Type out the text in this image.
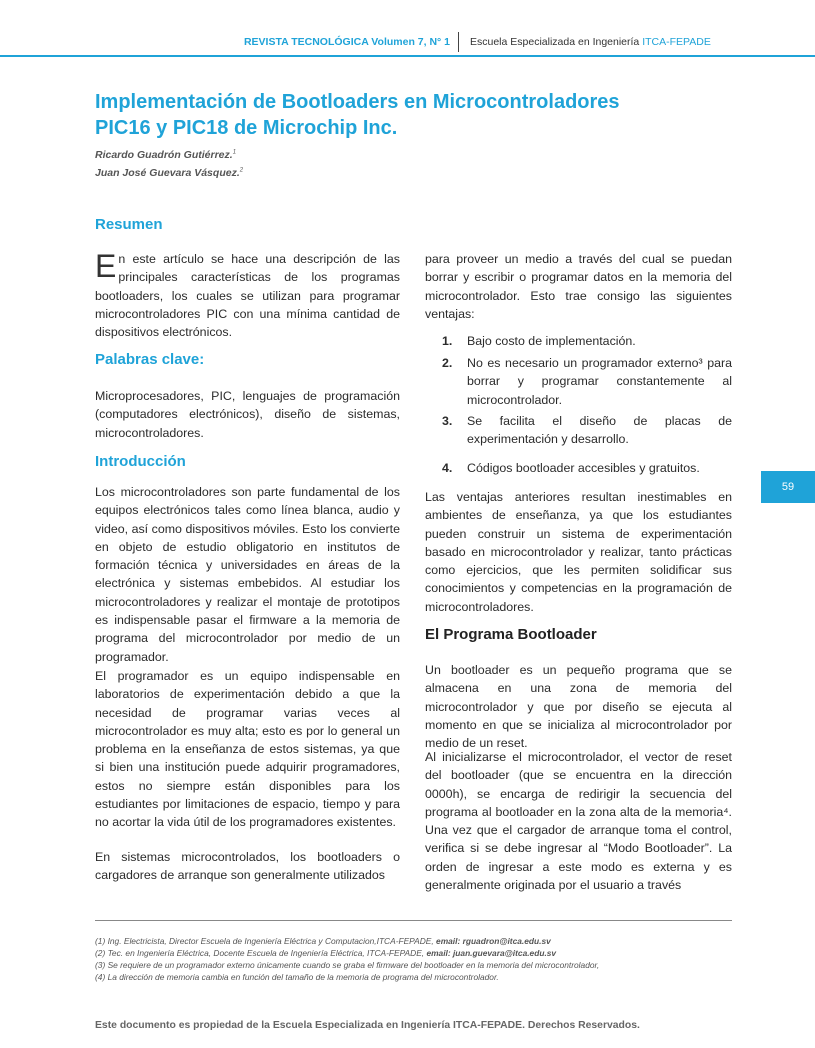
REVISTA TECNOLÓGICA Volumen 7, N° 1 Escuela Especializada en Ingeniería ITCA-FEPADE
Implementación de Bootloaders en Microcontroladores
PIC16 y PIC18 de Microchip Inc.
Ricardo Guadrón Gutiérrez.$^1$
Juan José Guevara Vásquez.$^2$
Resumen

En este artículo se hace una descripción de las principales características de los programas bootloaders, los cuales se utilizan para programar microcontroladores PIC con una mínima cantidad de dispositivos electrónicos.

Palabras clave:

Microprocesadores, PIC, lenguajes de programación (computadores electrónicos), diseño de sistemas, microcontroladores.

Introducción

Los microcontroladores son parte fundamental de los equipos electrónicos tales como línea blanca, audio y video, así como dispositivos móviles. Esto los convierte en objeto de estudio obligatorio en institutos de formación técnica y universidades en áreas de la electrónica y sistemas embebidos. Al estudiar los microcontroladores y realizar el montaje de prototipos es indispensable pasar el firmware a la memoria de programa del microcontrolador por medio de un programador.

El programador es un equipo indispensable en laboratorios de experimentación debido a que la necesidad de programar varias veces al microcontrolador es muy alta; esto es por lo general un problema en la enseñanza de estos sistemas, ya que si bien una institución puede adquirir programadores, estos no siempre están disponibles para los estudiantes por limitaciones de espacio, tiempo y para no acortar la vida útil de los programadores existentes.

En sistemas microcontrolados, los bootloaders o cargadores de arranque son generalmente utilizados

para proveer un medio a través del cual se puedan borrar y escribir o programar datos en la memoria del microcontrolador. Esto trae consigo las siguientes ventajas:

1. Bajo costo de implementación.
2. No es necesario un programador externo³ para borrar y programar constantemente al microcontrolador.
3. Se facilita el diseño de placas de experimentación y desarrollo.
4. Códigos bootloader accesibles y gratuitos.

Las ventajas anteriores resultan inestimables en ambientes de enseñanza, ya que los estudiantes pueden construir un sistema de experimentación basado en microcontrolador y realizar, tanto prácticas como ejercicios, que les permiten solidificar sus conocimientos y competencias en la programación de microcontroladores.

El Programa Bootloader

Un bootloader es un pequeño programa que se almacena en una zona de memoria del microcontrolador y que por diseño se ejecuta al momento en que se inicializa al microcontrolador por medio de un reset.

Al inicializarse el microcontrolador, el vector de reset del bootloader (que se encuentra en la dirección 0000h), se encarga de redirigir la secuencia del programa al bootloader en la zona alta de la memoria⁴. Una vez que el cargador de arranque toma el control, verifica si se debe ingresar al “Modo Bootloader”. La orden de ingresar a este modo es externa y es generalmente originada por el usuario a través

59
(1) Ing. Electricista, Director Escuela de Ingeniería Eléctrica y Computacion,ITCA-FEPADE, email: rguadron@itca.edu.sv
(2) Tec. en Ingeniería Eléctrica, Docente Escuela de Ingeniería Eléctrica, ITCA-FEPADE, email: juan.guevara@itca.edu.sv
(3) Se requiere de un programador externo únicamente cuando se graba el firmware del bootloader en la memoria del microcontrolador,
(4) La dirección de memoria cambia en función del tamaño de la memoria de programa del microcontrolador.
Este documento es propiedad de la Escuela Especializada en Ingeniería ITCA-FEPADE. Derechos Reservados.
